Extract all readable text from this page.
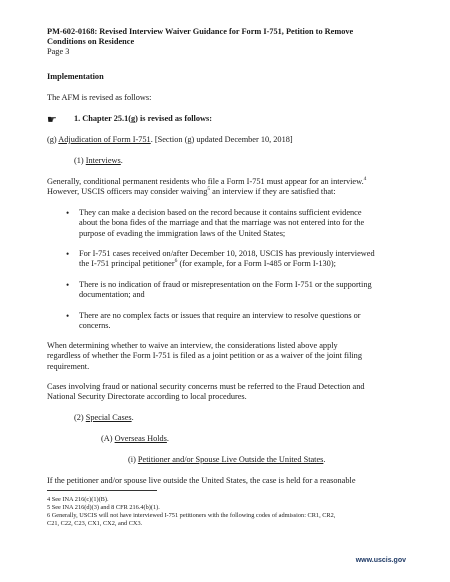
PM-602-0168: Revised Interview Waiver Guidance for Form I-751, Petition to Remove
Conditions on Residence
Page 3
Implementation
The AFM is revised as follows:
☛ 1. Chapter 25.1(g) is revised as follows:
(g) Adjudication of Form I-751. [Section (g) updated December 10, 2018]
(1) Interviews.
Generally, conditional permanent residents who file a Form I-751 must appear for an interview.$^4$
However, USCIS officers may consider waiving$^5$ an interview if they are satisfied that:
• They can make a decision based on the record because it contains sufficient evidence
about the bona fides of the marriage and that the marriage was not entered into for the
purpose of evading the immigration laws of the United States;
• For I-751 cases received on/after December 10, 2018, USCIS has previously interviewed
the I-751 principal petitioner$^6$ (for example, for a Form I-485 or Form I-130);
• There is no indication of fraud or misrepresentation on the Form I-751 or the supporting
documentation; and
• There are no complex facts or issues that require an interview to resolve questions or
concerns.
When determining whether to waive an interview, the considerations listed above apply
regardless of whether the Form I-751 is filed as a joint petition or as a waiver of the joint filing
requirement.
Cases involving fraud or national security concerns must be referred to the Fraud Detection and
National Security Directorate according to local procedures.
(2) Special Cases.
(A) Overseas Holds.
(i) Petitioner and/or Spouse Live Outside the United States.
If the petitioner and/or spouse live outside the United States, the case is held for a reasonable
4 See INA 216(c)(1)(B).
5 See INA 216(d)(3) and 8 CFR 216.4(b)(1).
6 Generally, USCIS will not have interviewed I-751 petitioners with the following codes of admission: CR1, CR2,
C21, C22, C23, CX1, CX2, and CX3.
www.uscis.gov
